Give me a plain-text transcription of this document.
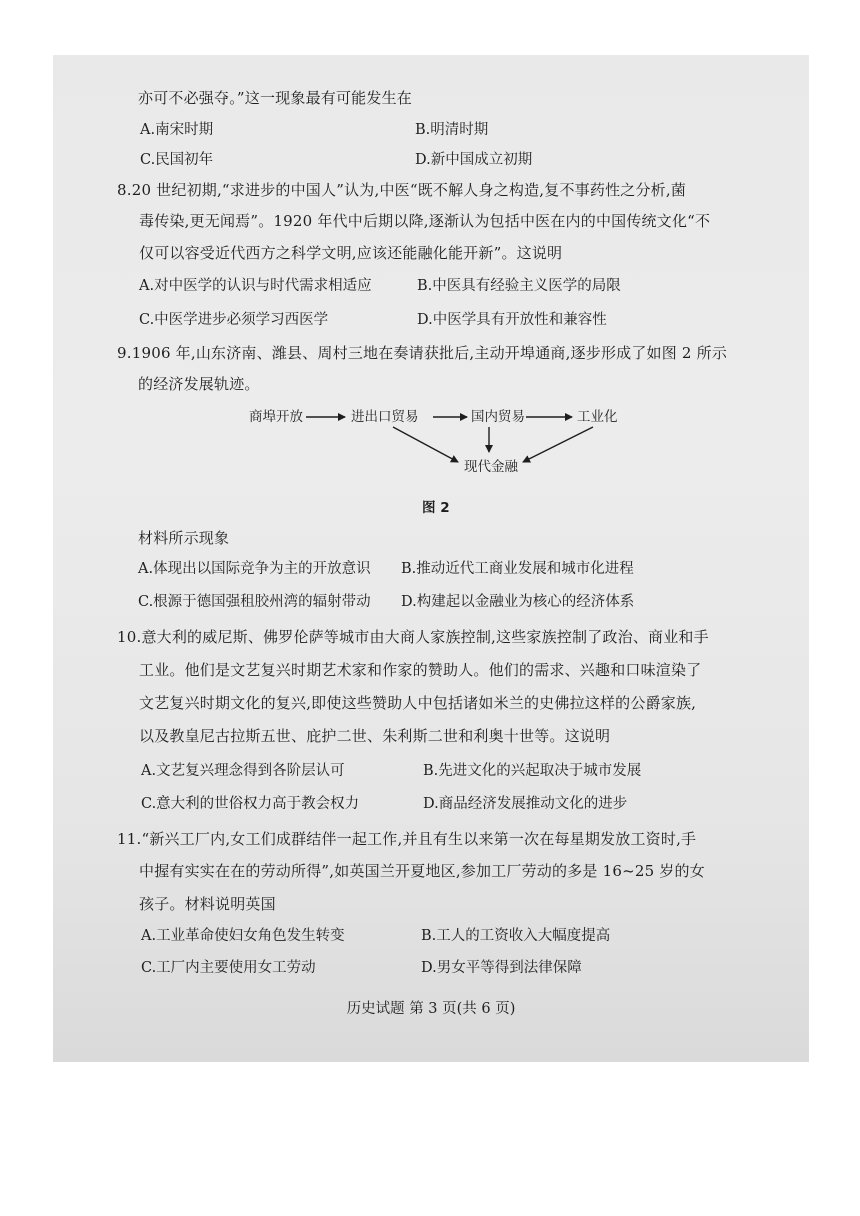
亦可不必强夺。”这一现象最有可能发生在
A.南宋时期	B.明清时期
C.民国初年	D.新中国成立初期
8.20 世纪初期,“求进步的中国人”认为,中医“既不解人身之构造,复不事药性之分析,菌
毒传染,更无闻焉”。1920 年代中后期以降,逐渐认为包括中医在内的中国传统文化“不
仅可以容受近代西方之科学文明,应该还能融化能开新”。这说明
A.对中医学的认识与时代需求相适应	B.中医具有经验主义医学的局限
C.中医学进步必须学习西医学	D.中医学具有开放性和兼容性
9.1906 年,山东济南、潍县、周村三地在奏请获批后,主动开埠通商,逐步形成了如图 2 所示
的经济发展轨迹。
商埠开放	进出口贸易	国内贸易	工业化
现代金融
图 2
材料所示现象
A.体现出以国际竞争为主的开放意识 B.推动近代工商业发展和城市化进程
C.根源于德国强租胶州湾的辐射带动 D.构建起以金融业为核心的经济体系
10.意大利的威尼斯、佛罗伦萨等城市由大商人家族控制,这些家族控制了政治、商业和手
工业。他们是文艺复兴时期艺术家和作家的赞助人。他们的需求、兴趣和口味渲染了
文艺复兴时期文化的复兴,即使这些赞助人中包括诸如米兰的史佛拉这样的公爵家族,
以及教皇尼古拉斯五世、庇护二世、朱利斯二世和利奥十世等。这说明
A.文艺复兴理念得到各阶层认可	B.先进文化的兴起取决于城市发展
C.意大利的世俗权力高于教会权力	D.商品经济发展推动文化的进步
11.“新兴工厂内,女工们成群结伴一起工作,并且有生以来第一次在每星期发放工资时,手
中握有实实在在的劳动所得”,如英国兰开夏地区,参加工厂劳动的多是 16~25 岁的女
孩子。材料说明英国
A.工业革命使妇女角色发生转变	B.工人的工资收入大幅度提高
C.工厂内主要使用女工劳动	D.男女平等得到法律保障
历史试题 第 3 页(共 6 页)
